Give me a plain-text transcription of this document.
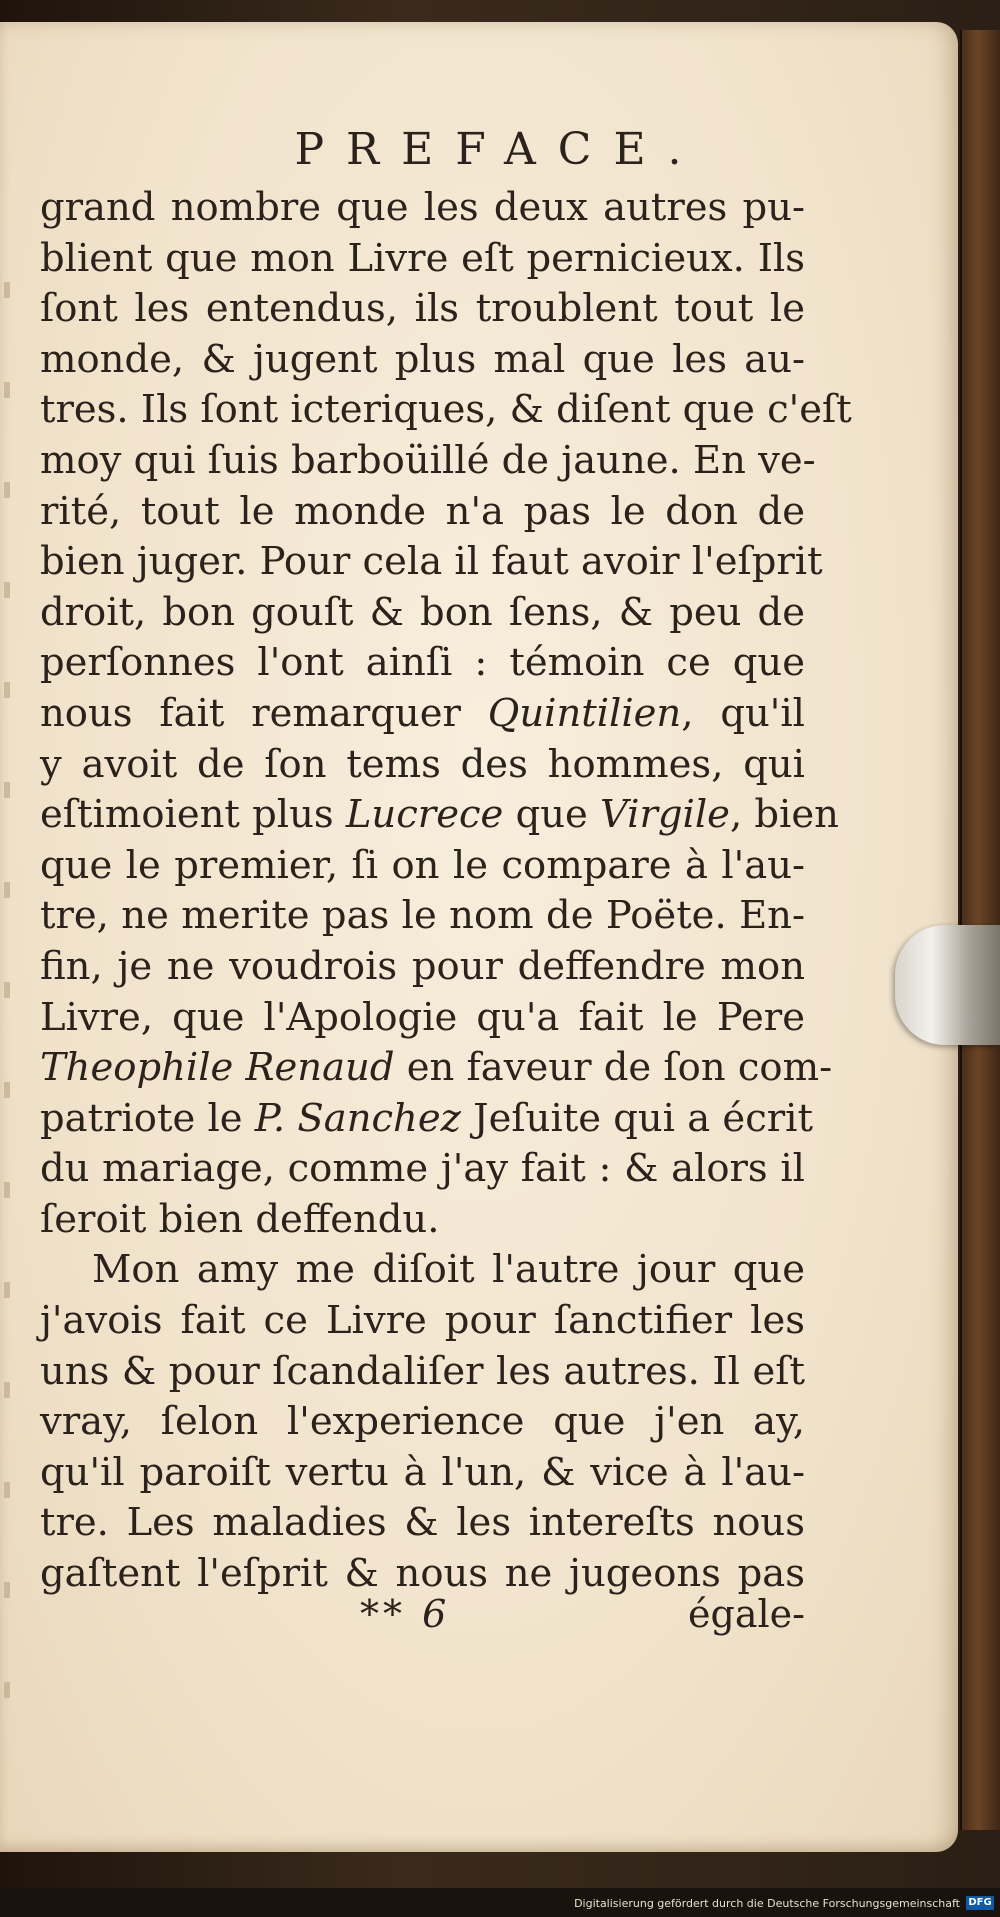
PREFACE.
grand nombre que les deux autres pu-
blient que mon Livre eſt pernicieux. Ils
ſont les entendus, ils troublent tout le
monde, & jugent plus mal que les au-
tres. Ils ſont icteriques, & diſent que c'eſt
moy qui ſuis barboüillé de jaune. En ve-
rité, tout le monde n'a pas le don de
bien juger. Pour cela il faut avoir l'eſprit
droit, bon gouſt & bon ſens, & peu de
perſonnes l'ont ainſi : témoin ce que
nous fait remarquer Quintilien, qu'il
y avoit de ſon tems des hommes, qui
eſtimoient plus Lucrece que Virgile, bien
que le premier, ſi on le compare à l'au-
tre, ne merite pas le nom de Poëte. En-
fin, je ne voudrois pour deffendre mon
Livre, que l'Apologie qu'a fait le Pere
Theophile Renaud en faveur de ſon com-
patriote le P. Sanchez Jeſuite qui a écrit
du mariage, comme j'ay fait : & alors il
ſeroit bien deffendu.
Mon amy me diſoit l'autre jour que
j'avois fait ce Livre pour ſanctifier les
uns & pour ſcandaliſer les autres. Il eſt
vray, ſelon l'experience que j'en ay,
qu'il paroiſt vertu à l'un, & vice à l'au-
tre. Les maladies & les intereſts nous
gaſtent l'eſprit & nous ne jugeons pas
** 6	égale-
Digitalisierung gefördert durch die Deutsche Forschungsgemeinschaft DFG
